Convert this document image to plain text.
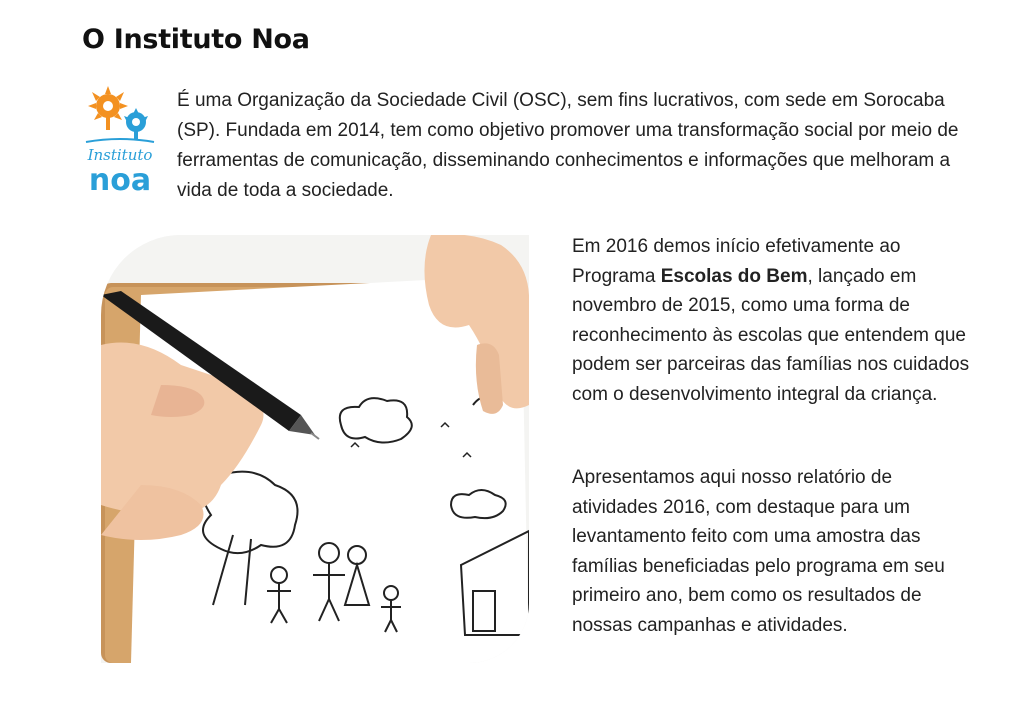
O Instituto Noa
Instituto
noa

É uma Organização da Sociedade Civil (OSC), sem fins lucrativos, com sede em Sorocaba (SP). Fundada em 2014, tem como objetivo promover uma transformação social por meio de ferramentas de comunicação, disseminando conhecimentos e informações que melhoram a vida de toda a sociedade.

Em 2016 demos início efetivamente ao Programa Escolas do Bem, lançado em novembro de 2015, como uma forma de reconhecimento às escolas que entendem que podem ser parceiras das famílias nos cuidados com o desenvolvimento integral da criança.

Apresentamos aqui nosso relatório de atividades 2016, com destaque para um levantamento feito com uma amostra das famílias beneficiadas pelo programa em seu primeiro ano, bem como os resultados de nossas campanhas e atividades.
